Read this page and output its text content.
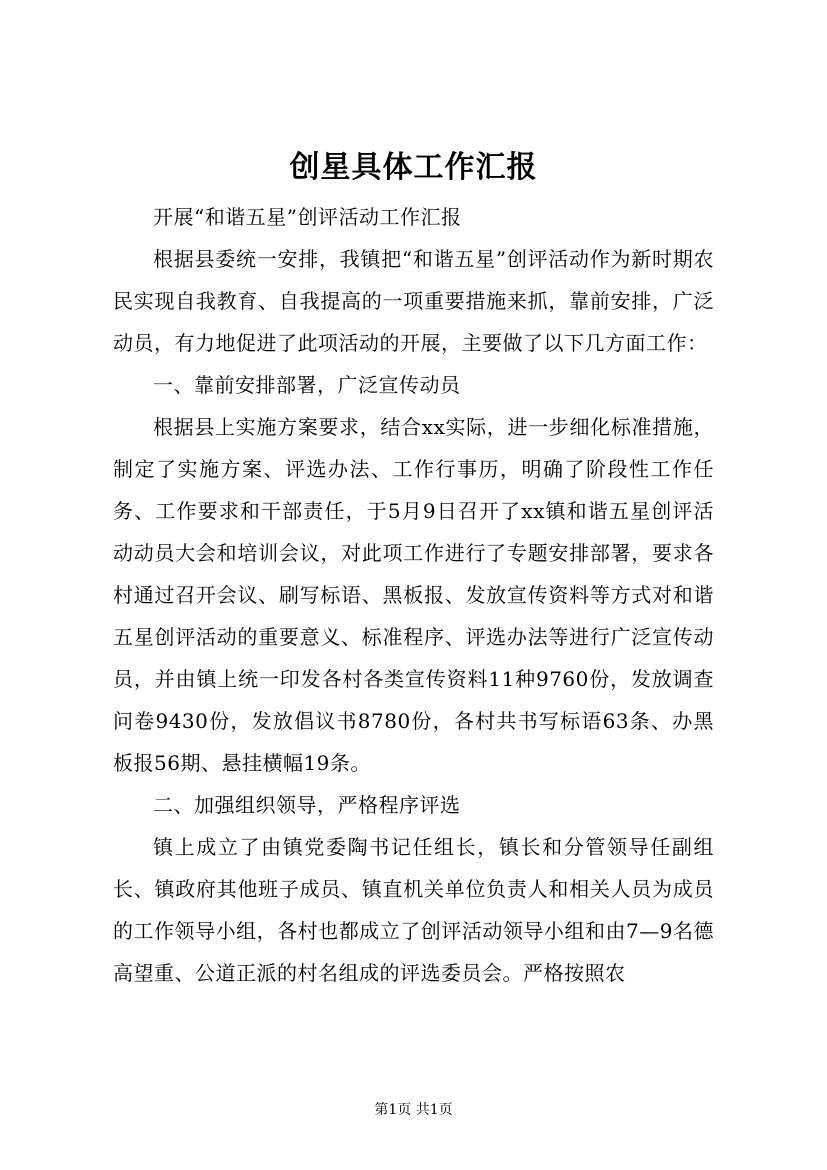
创星具体工作汇报

开展“和谐五星”创评活动工作汇报

根据县委统一安排，我镇把“和谐五星”创评活动作为新时期农民实现自我教育、自我提高的一项重要措施来抓，靠前安排，广泛动员，有力地促进了此项活动的开展，主要做了以下几方面工作：

一、靠前安排部署，广泛宣传动员

根据县上实施方案要求，结合xx实际，进一步细化标准措施，制定了实施方案、评选办法、工作行事历，明确了阶段性工作任务、工作要求和干部责任，于5月9日召开了xx镇和谐五星创评活动动员大会和培训会议，对此项工作进行了专题安排部署，要求各村通过召开会议、刷写标语、黑板报、发放宣传资料等方式对和谐五星创评活动的重要意义、标准程序、评选办法等进行广泛宣传动员，并由镇上统一印发各村各类宣传资料11种9760份，发放调查问卷9430份，发放倡议书8780份，各村共书写标语63条、办黑板报56期、悬挂横幅19条。

二、加强组织领导，严格程序评选

镇上成立了由镇党委陶书记任组长，镇长和分管领导任副组长、镇政府其他班子成员、镇直机关单位负责人和相关人员为成员的工作领导小组，各村也都成立了创评活动领导小组和由7—9名德高望重、公道正派的村名组成的评选委员会。严格按照农

第1页 共1页
